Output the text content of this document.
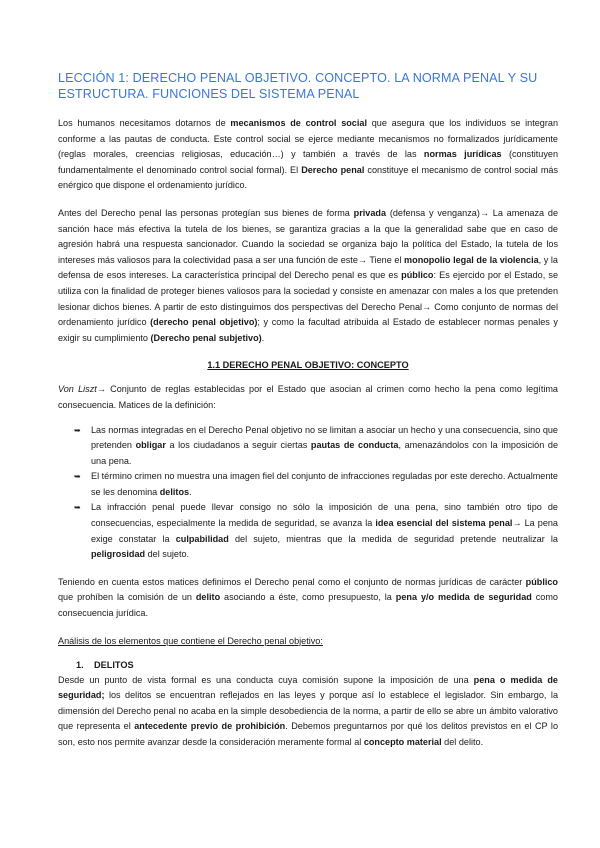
LECCIÓN 1: DERECHO PENAL OBJETIVO. CONCEPTO. LA NORMA PENAL Y SU ESTRUCTURA. FUNCIONES DEL SISTEMA PENAL

Los humanos necesitamos dotarnos de mecanismos de control social que asegura que los individuos se integran conforme a las pautas de conducta. Este control social se ejerce mediante mecanismos no formalizados jurídicamente (reglas morales, creencias religiosas, educación…) y también a través de las normas jurídicas (constituyen fundamentalmente el denominado control social formal). El Derecho penal constituye el mecanismo de control social más enérgico que dispone el ordenamiento jurídico.

Antes del Derecho penal las personas protegían sus bienes de forma privada (defensa y venganza)→ La amenaza de sanción hace más efectiva la tutela de los bienes, se garantiza gracias a la que la generalidad sabe que en caso de agresión habrá una respuesta sancionador. Cuando la sociedad se organiza bajo la política del Estado, la tutela de los intereses más valiosos para la colectividad pasa a ser una función de este→ Tiene el monopolio legal de la violencia, y la defensa de esos intereses. La característica principal del Derecho penal es que es público: Es ejercido por el Estado, se utiliza con la finalidad de proteger bienes valiosos para la sociedad y consiste en amenazar con males a los que pretenden lesionar dichos bienes. A partir de esto distinguimos dos perspectivas del Derecho Penal→ Como conjunto de normas del ordenamiento jurídico (derecho penal objetivo); y como la facultad atribuida al Estado de establecer normas penales y exigir su cumplimiento (Derecho penal subjetivo).

1.1 DERECHO PENAL OBJETIVO: CONCEPTO

Von Liszt→ Conjunto de reglas establecidas por el Estado que asocian al crimen como hecho la pena como legítima consecuencia. Matices de la definición:

➥ Las normas integradas en el Derecho Penal objetivo no se limitan a asociar un hecho y una consecuencia, sino que pretenden obligar a los ciudadanos a seguir ciertas pautas de conducta, amenazándolos con la imposición de una pena.
➥ El término crimen no muestra una imagen fiel del conjunto de infracciones reguladas por este derecho. Actualmente se les denomina delitos.
➥ La infracción penal puede llevar consigo no sólo la imposición de una pena, sino también otro tipo de consecuencias, especialmente la medida de seguridad, se avanza la idea esencial del sistema penal→ La pena exige constatar la culpabilidad del sujeto, mientras que la medida de seguridad pretende neutralizar la peligrosidad del sujeto.

Teniendo en cuenta estos matices definimos el Derecho penal como el conjunto de normas jurídicas de carácter público que prohíben la comisión de un delito asociando a éste, como presupuesto, la pena y/o medida de seguridad como consecuencia jurídica.

Análisis de los elementos que contiene el Derecho penal objetivo:

1. DELITOS

Desde un punto de vista formal es una conducta cuya comisión supone la imposición de una pena o medida de seguridad; los delitos se encuentran reflejados en las leyes y porque así lo establece el legislador. Sin embargo, la dimensión del Derecho penal no acaba en la simple desobediencia de la norma, a partir de ello se abre un ámbito valorativo que representa el antecedente previo de prohibición. Debemos preguntarnos por qué los delitos previstos en el CP lo son, esto nos permite avanzar desde la consideración meramente formal al concepto material del delito.
